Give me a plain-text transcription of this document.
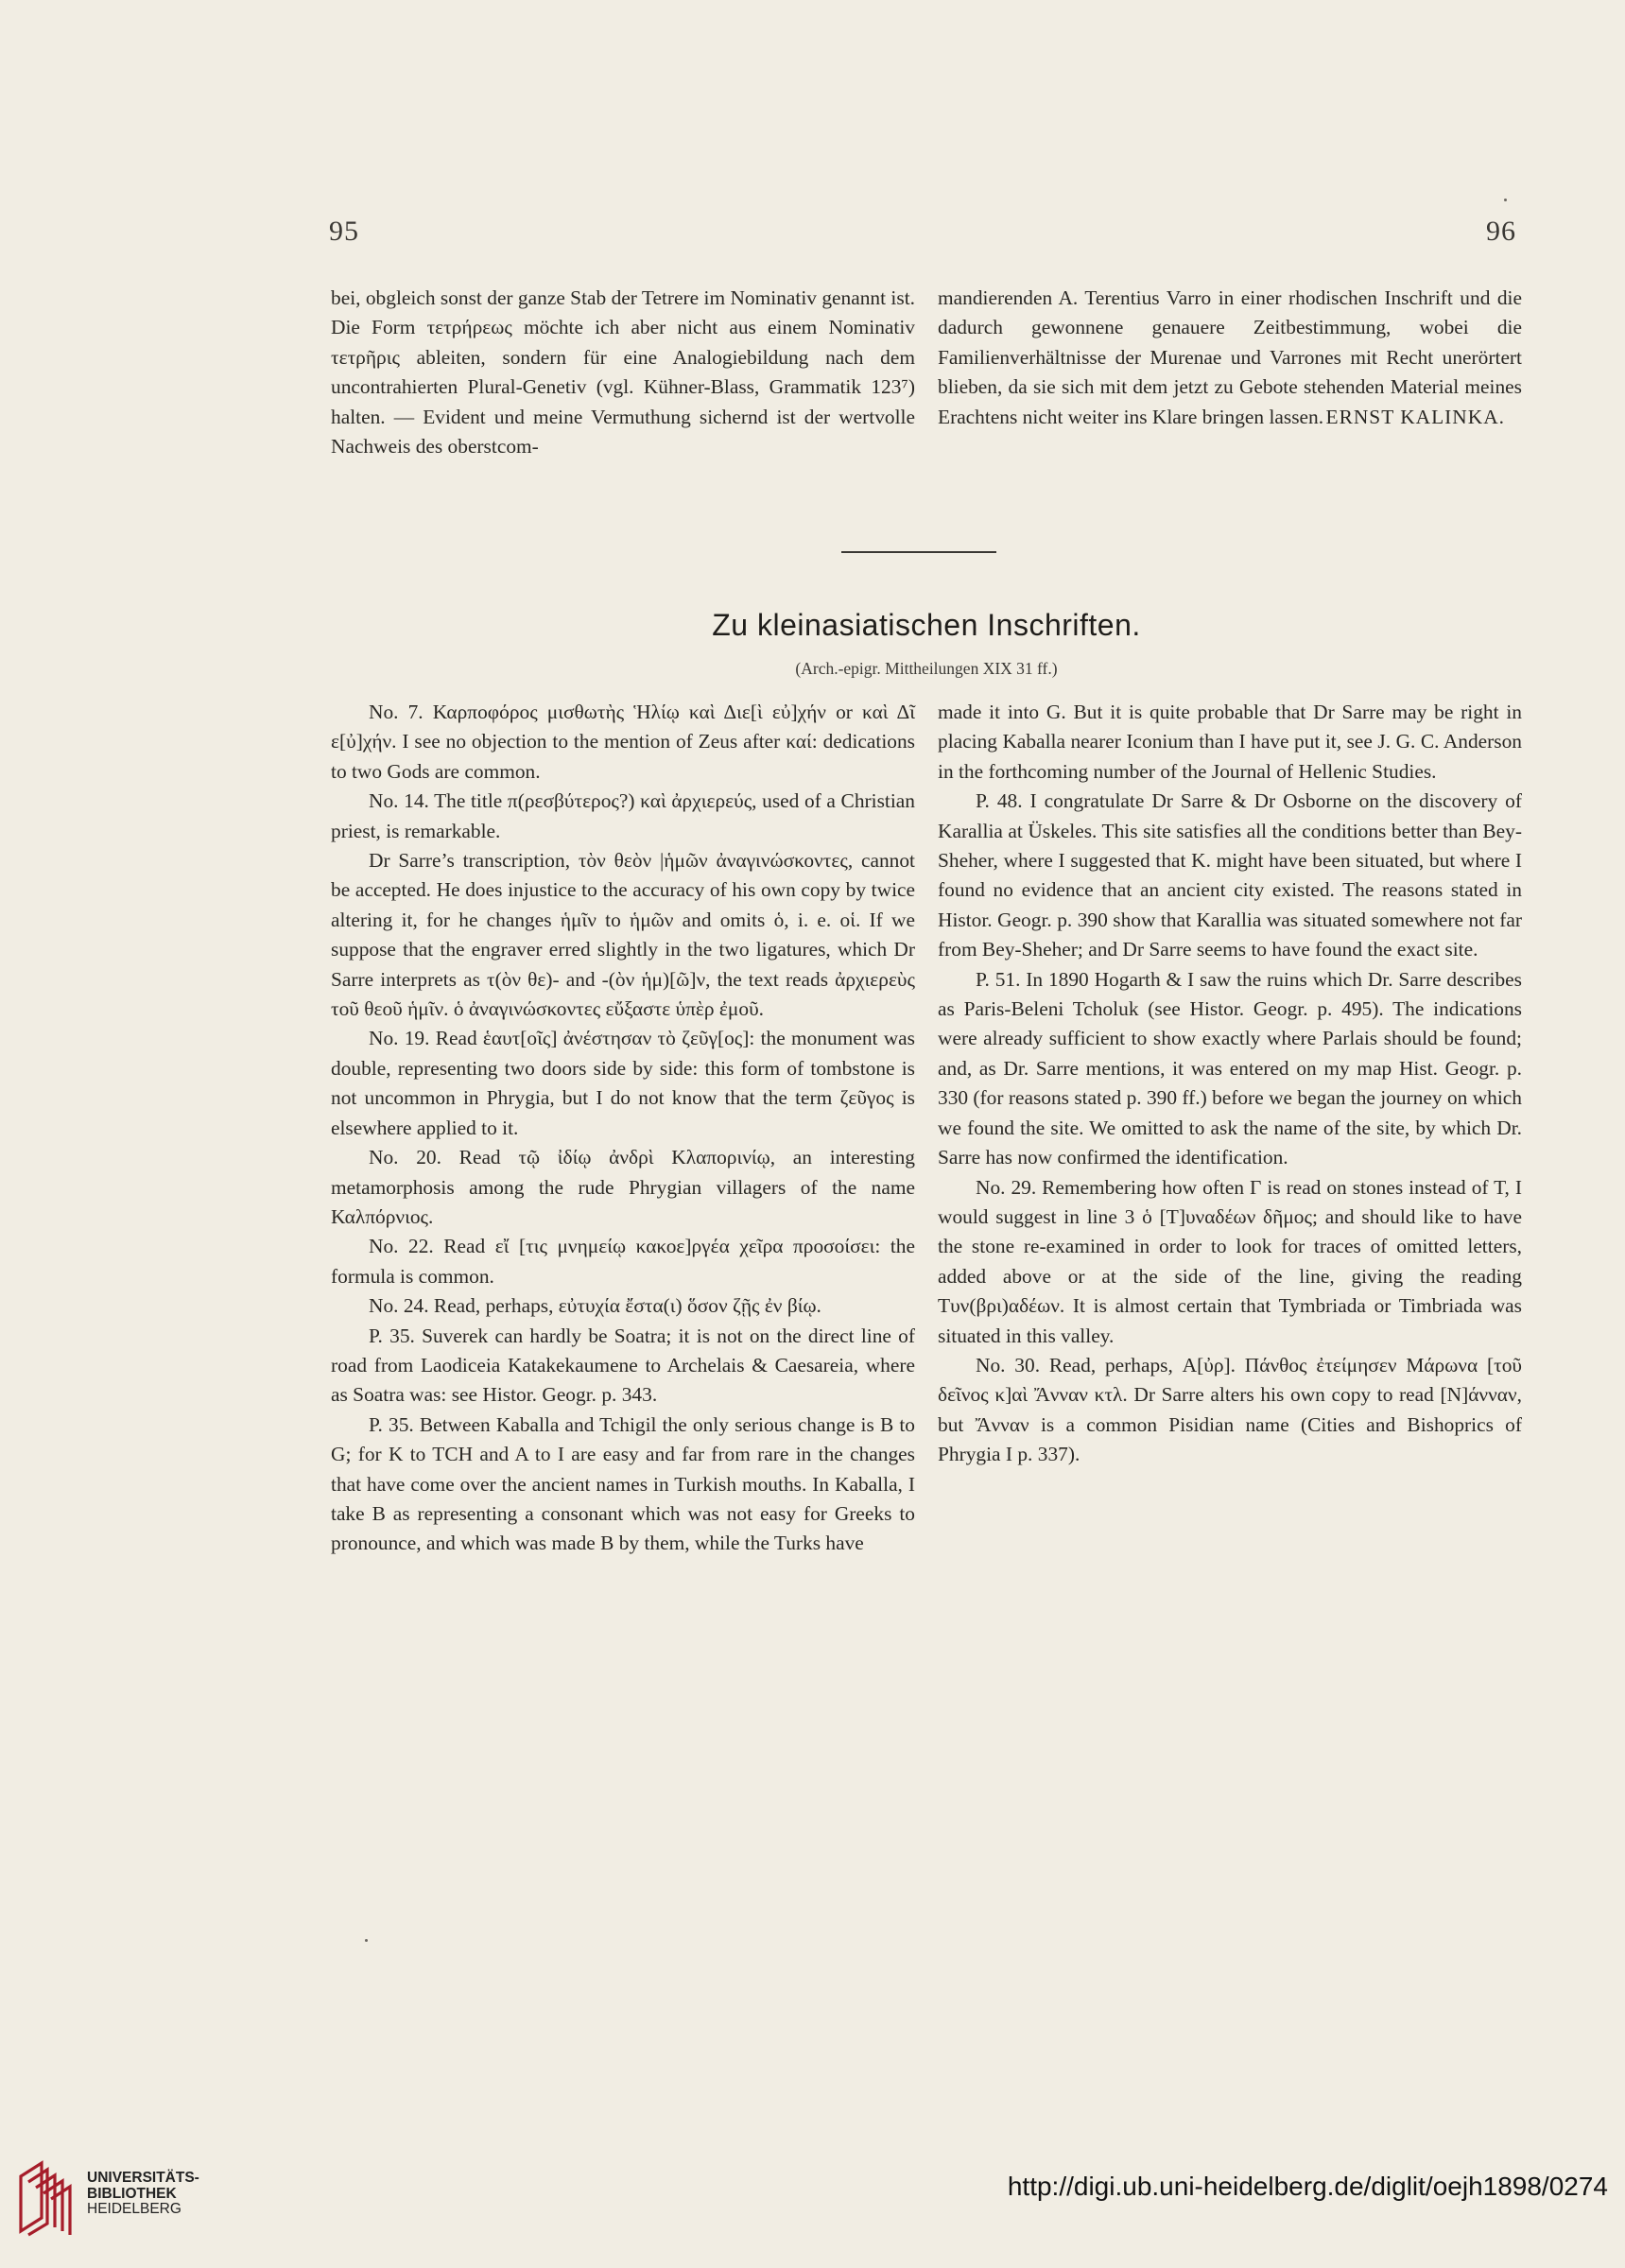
95	96

bei, obgleich sonst der ganze Stab der Tetrere im Nominativ genannt ist. Die Form τετρήρεως möchte ich aber nicht aus einem Nominativ τετρῆρις ableiten, sondern für eine Analogiebildung nach dem uncontrahierten Plural-Genetiv (vgl. Kühner-Blass, Grammatik 123⁷) halten. — Evident und meine Vermuthung sichernd ist der wertvolle Nachweis des oberstcom-

mandierenden A. Terentius Varro in einer rhodischen Inschrift und die dadurch gewonnene genauere Zeitbestimmung, wobei die Familienverhältnisse der Murenae und Varrones mit Recht unerörtert blieben, da sie sich mit dem jetzt zu Gebote stehenden Material meines Erachtens nicht weiter ins Klare bringen lassen. ERNST KALINKA.

Zu kleinasiatischen Inschriften.
(Arch.-epigr. Mittheilungen XIX 31 ff.)

No. 7. Καρποφόρος μισθωτὴς Ἡλίῳ καὶ Διε[ὶ εὐ]χήν or καὶ Δῖ ε[ὐ]χήν. I see no objection to the mention of Zeus after καί: dedications to two Gods are common.

No. 14. The title π(ρεσβύτερος?) καὶ ἀρχιερεύς, used of a Christian priest, is remarkable.

Dr Sarre’s transcription, τὸν θεὸν |ἡμῶν ἀναγινώσκοντες, cannot be accepted. He does injustice to the accuracy of his own copy by twice altering it, for he changes ἡμῖν to ἡμῶν and omits ὁ, i. e. οἱ. If we suppose that the engraver erred slightly in the two ligatures, which Dr Sarre interprets as τ(ὸν θε)- and -(ὸν ἡμ)[ῶ]ν, the text reads ἀρχιερεὺς τοῦ θεοῦ ἡμῖν. ὁ ἀναγινώσκοντες εὔξαστε ὑπὲρ ἐμοῦ.

No. 19. Read ἑαυτ[οῖς] ἀνέστησαν τὸ ζεῦγ[ος]: the monument was double, representing two doors side by side: this form of tombstone is not uncommon in Phrygia, but I do not know that the term ζεῦγος is elsewhere applied to it.

No. 20. Read τῷ ἰδίῳ ἀνδρὶ Κλαπορινίῳ, an interesting metamorphosis among the rude Phrygian villagers of the name Καλπόρνιος.

No. 22. Read εἴ [τις μνημείῳ κακοε]ργέα χεῖρα προσοίσει: the formula is common.

No. 24. Read, perhaps, εὐτυχία ἔστα(ι) ὅσον ζῇς ἐν βίῳ.

P. 35. Suverek can hardly be Soatra; it is not on the direct line of road from Laodiceia Katakekaumene to Archelais & Caesareia, where as Soatra was: see Histor. Geogr. p. 343.

P. 35. Between Kaballa and Tchigil the only serious change is B to G; for K to TCH and A to I are easy and far from rare in the changes that have come over the ancient names in Turkish mouths. In Kaballa, I take B as representing a consonant which was not easy for Greeks to pronounce, and which was made B by them, while the Turks have

made it into G. But it is quite probable that Dr Sarre may be right in placing Kaballa nearer Iconium than I have put it, see J. G. C. Anderson in the forthcoming number of the Journal of Hellenic Studies.

P. 48. I congratulate Dr Sarre & Dr Osborne on the discovery of Karallia at Üskeles. This site satisfies all the conditions better than Bey-Sheher, where I suggested that K. might have been situated, but where I found no evidence that an ancient city existed. The reasons stated in Histor. Geogr. p. 390 show that Karallia was situated somewhere not far from Bey-Sheher; and Dr Sarre seems to have found the exact site.

P. 51. In 1890 Hogarth & I saw the ruins which Dr. Sarre describes as Paris-Beleni Tcholuk (see Histor. Geogr. p. 495). The indications were already sufficient to show exactly where Parlais should be found; and, as Dr. Sarre mentions, it was entered on my map Hist. Geogr. p. 330 (for reasons stated p. 390 ff.) before we began the journey on which we found the site. We omitted to ask the name of the site, by which Dr. Sarre has now confirmed the identification.

No. 29. Remembering how often Γ is read on stones instead of T, I would suggest in line 3 ὁ [Τ]υναδέων δῆμος; and should like to have the stone re-examined in order to look for traces of omitted letters, added above or at the side of the line, giving the reading Τυν(βρι)αδέων. It is almost certain that Tymbriada or Timbriada was situated in this valley.

No. 30. Read, perhaps, Α[ὐρ]. Πάνθος ἐτείμησεν Μάρωνα [τοῦ δεῖνος κ]αὶ Ἄνναν κτλ. Dr Sarre alters his own copy to read [Ν]άνναν, but Ἄνναν is a common Pisidian name (Cities and Bishoprics of Phrygia I p. 337).

UNIVERSITÄTS-
BIBLIOTHEK
HEIDELBERG
http://digi.ub.uni-heidelberg.de/diglit/oejh1898/0274
